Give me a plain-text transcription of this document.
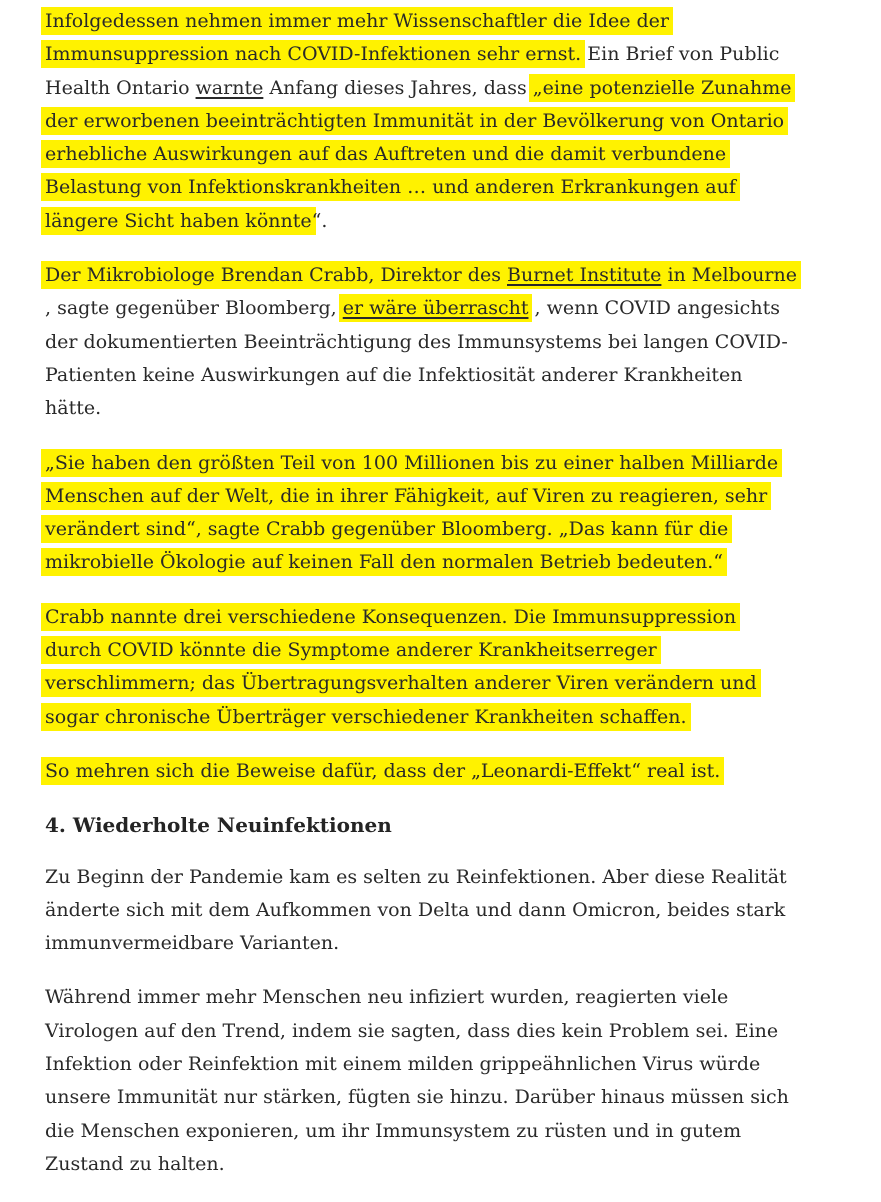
Infolgedessen nehmen immer mehr Wissenschaftler die Idee der
Immunsuppression nach COVID-Infektionen sehr ernst. Ein Brief von Public
Health Ontario warnte Anfang dieses Jahres, dass „eine potenzielle Zunahme
der erworbenen beeinträchtigten Immunität in der Bevölkerung von Ontario
erhebliche Auswirkungen auf das Auftreten und die damit verbundene
Belastung von Infektionskrankheiten … und anderen Erkrankungen auf
längere Sicht haben könnte“.
Der Mikrobiologe Brendan Crabb, Direktor des Burnet Institute in Melbourne
, sagte gegenüber Bloomberg, er wäre überrascht , wenn COVID angesichts
der dokumentierten Beeinträchtigung des Immunsystems bei langen COVID-
Patienten keine Auswirkungen auf die Infektiosität anderer Krankheiten
hätte.
„Sie haben den größten Teil von 100 Millionen bis zu einer halben Milliarde
Menschen auf der Welt, die in ihrer Fähigkeit, auf Viren zu reagieren, sehr
verändert sind“, sagte Crabb gegenüber Bloomberg. „Das kann für die
mikrobielle Ökologie auf keinen Fall den normalen Betrieb bedeuten.“
Crabb nannte drei verschiedene Konsequenzen. Die Immunsuppression
durch COVID könnte die Symptome anderer Krankheitserreger
verschlimmern; das Übertragungsverhalten anderer Viren verändern und
sogar chronische Überträger verschiedener Krankheiten schaffen.
So mehren sich die Beweise dafür, dass der „Leonardi-Effekt“ real ist.
4. Wiederholte Neuinfektionen
Zu Beginn der Pandemie kam es selten zu Reinfektionen. Aber diese Realität
änderte sich mit dem Aufkommen von Delta und dann Omicron, beides stark
immunvermeidbare Varianten.
Während immer mehr Menschen neu infiziert wurden, reagierten viele
Virologen auf den Trend, indem sie sagten, dass dies kein Problem sei. Eine
Infektion oder Reinfektion mit einem milden grippeähnlichen Virus würde
unsere Immunität nur stärken, fügten sie hinzu. Darüber hinaus müssen sich
die Menschen exponieren, um ihr Immunsystem zu rüsten und in gutem
Zustand zu halten.
